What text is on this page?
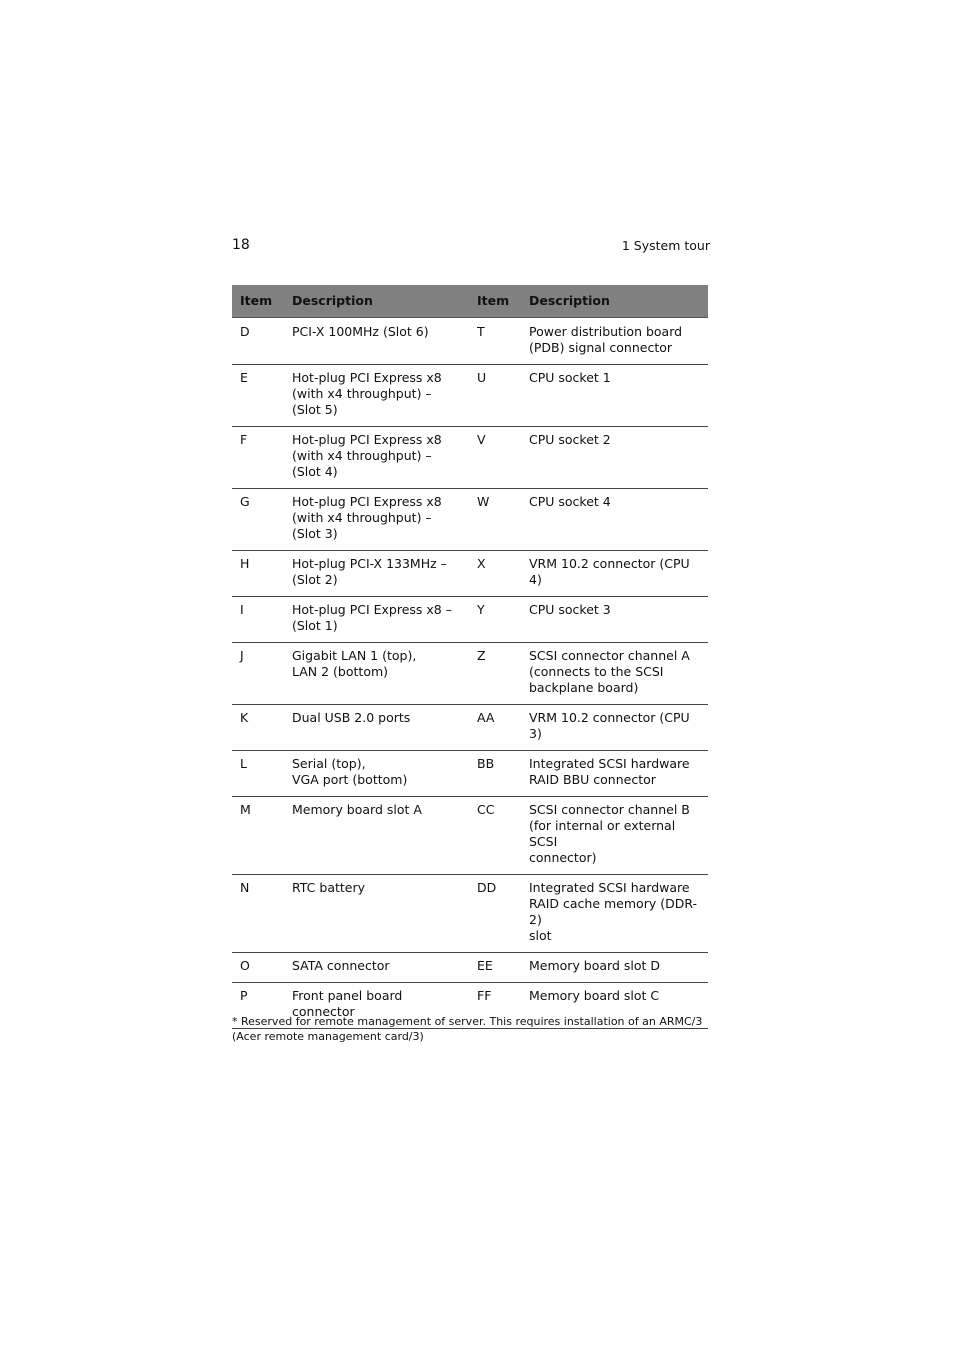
18	1 System tour
Item	Description	Item	Description
D	PCI-X 100MHz (Slot 6)	T	Power distribution board
(PDB) signal connector
E	Hot-plug PCI Express x8
(with x4 throughput) –
(Slot 5)	U	CPU socket 1
F	Hot-plug PCI Express x8
(with x4 throughput) –
(Slot 4)	V	CPU socket 2
G	Hot-plug PCI Express x8
(with x4 throughput) –
(Slot 3)	W	CPU socket 4
H	Hot-plug PCI-X 133MHz –
(Slot 2)	X	VRM 10.2 connector (CPU 4)
I	Hot-plug PCI Express x8 –
(Slot 1)	Y	CPU socket 3
J	Gigabit LAN 1 (top),
LAN 2 (bottom)	Z	SCSI connector channel A
(connects to the SCSI
backplane board)
K	Dual USB 2.0 ports	AA	VRM 10.2 connector (CPU 3)
L	Serial (top),
VGA port (bottom)	BB	Integrated SCSI hardware
RAID BBU connector
M	Memory board slot A	CC	SCSI connector channel B
(for internal or external SCSI
connector)
N	RTC battery	DD	Integrated SCSI hardware
RAID cache memory (DDR-2)
slot
O	SATA connector	EE	Memory board slot D
P	Front panel board
connector	FF	Memory board slot C
* Reserved for remote management of server. This requires installation of an ARMC/3 (Acer remote management card/3)
